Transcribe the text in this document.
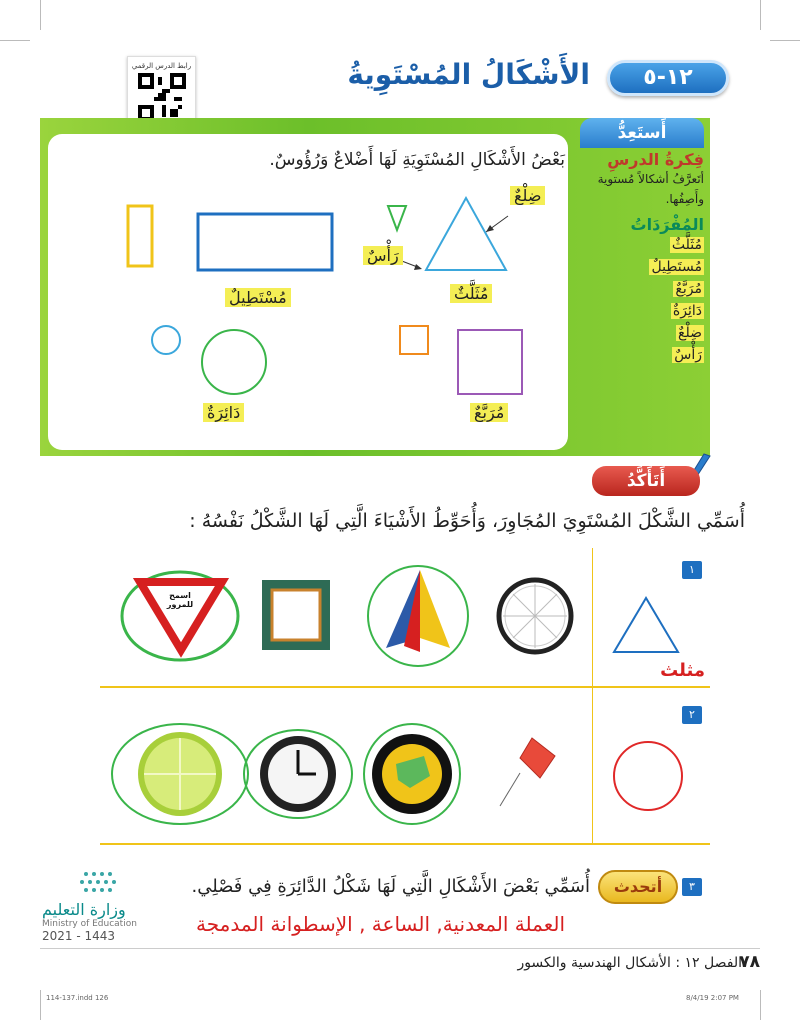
رابط الدرس الرقمي	١٢-٥
الأَشْكَالُ المُسْتَوِيةُ
أَستَعِدُّ
فِكرةُ الدرسِ
أتَعرَّفُ أشكالاً مُستوية وأَصِفُها.
المُفْرَدَاتُ
مُثَلَّثٌ
مُستَطِيلٌ
مُرَبَّعٌ
دَائِرَةٌ
ضِلْعٌ
رَأْسٌ
بَعْضُ الأَشْكَالِ المُسْتَوِيَةِ لَهَا أَضْلاعٌ وَرُؤُوسٌ.
ضِلْعٌ
رَأْسٌ
مُثَلَّثٌ
مُسْتَطِيلٌ
دَائِرَةٌ	مُرَبَّعٌ
أَتَأَكَّدُ
أُسَمِّي الشَّكْلَ المُسْتَوِيَ المُجَاوِرَ، وَأُحَوِّطُ الأَشْيَاءَ الَّتِي لَهَا الشَّكْلُ نَفْسُهُ :
١
٢
اسمح للمرور
مثلث
٣
أتحدث
أُسَمِّي بَعْضَ الأَشْكَالِ الَّتِي لَهَا شَكْلُ الدَّائِرَةِ فِي فَصْلِي.
العملة المعدنية, الساعة , الإسطوانة المدمجة
وزارة التعليم
Ministry of Education
2021 - 1443
٧٨
الفصل ١٢ : الأشكال الهندسية والكسور
114-137.indd 126	8/4/19 2:07 PM
